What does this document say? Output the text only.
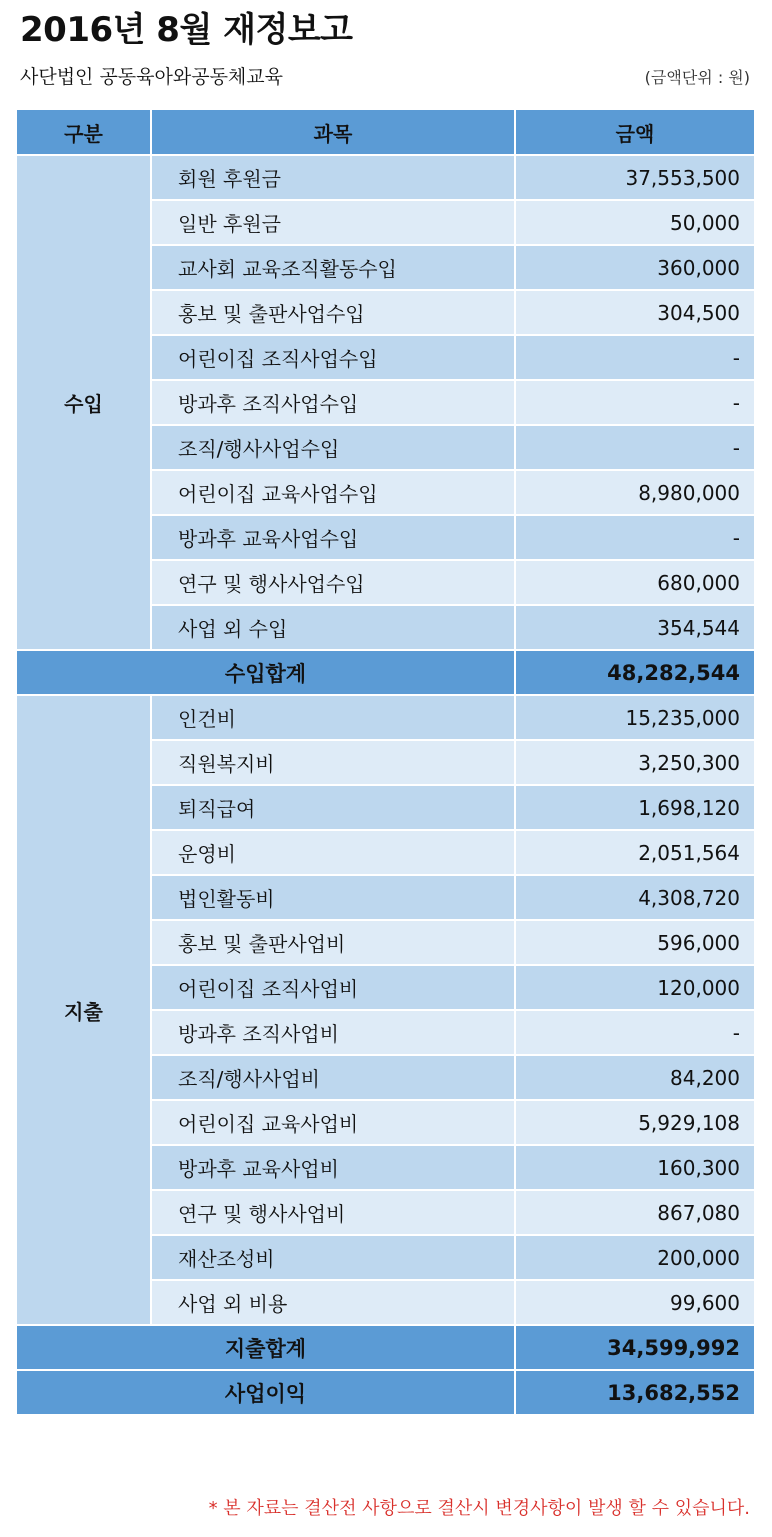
2016년 8월 재정보고
사단법인 공동육아와공동체교육	(금액단위 : 원)
구분	과목	금액
수입	회원 후원금	37,553,500
	일반 후원금	50,000
	교사회 교육조직활동수입	360,000
	홍보 및 출판사업수입	304,500
	어린이집 조직사업수입	-
	방과후 조직사업수입	-
	조직/행사사업수입	-
	어린이집 교육사업수입	8,980,000
	방과후 교육사업수입	-
	연구 및 행사사업수입	680,000
	사업 외 수입	354,544
수입합계		48,282,544
지출	인건비	15,235,000
	직원복지비	3,250,300
	퇴직급여	1,698,120
	운영비	2,051,564
	법인활동비	4,308,720
	홍보 및 출판사업비	596,000
	어린이집 조직사업비	120,000
	방과후 조직사업비	-
	조직/행사사업비	84,200
	어린이집 교육사업비	5,929,108
	방과후 교육사업비	160,300
	연구 및 행사사업비	867,080
	재산조성비	200,000
	사업 외 비용	99,600
지출합계		34,599,992
사업이익		13,682,552
* 본 자료는 결산전 사항으로 결산시 변경사항이 발생 할 수 있습니다.
